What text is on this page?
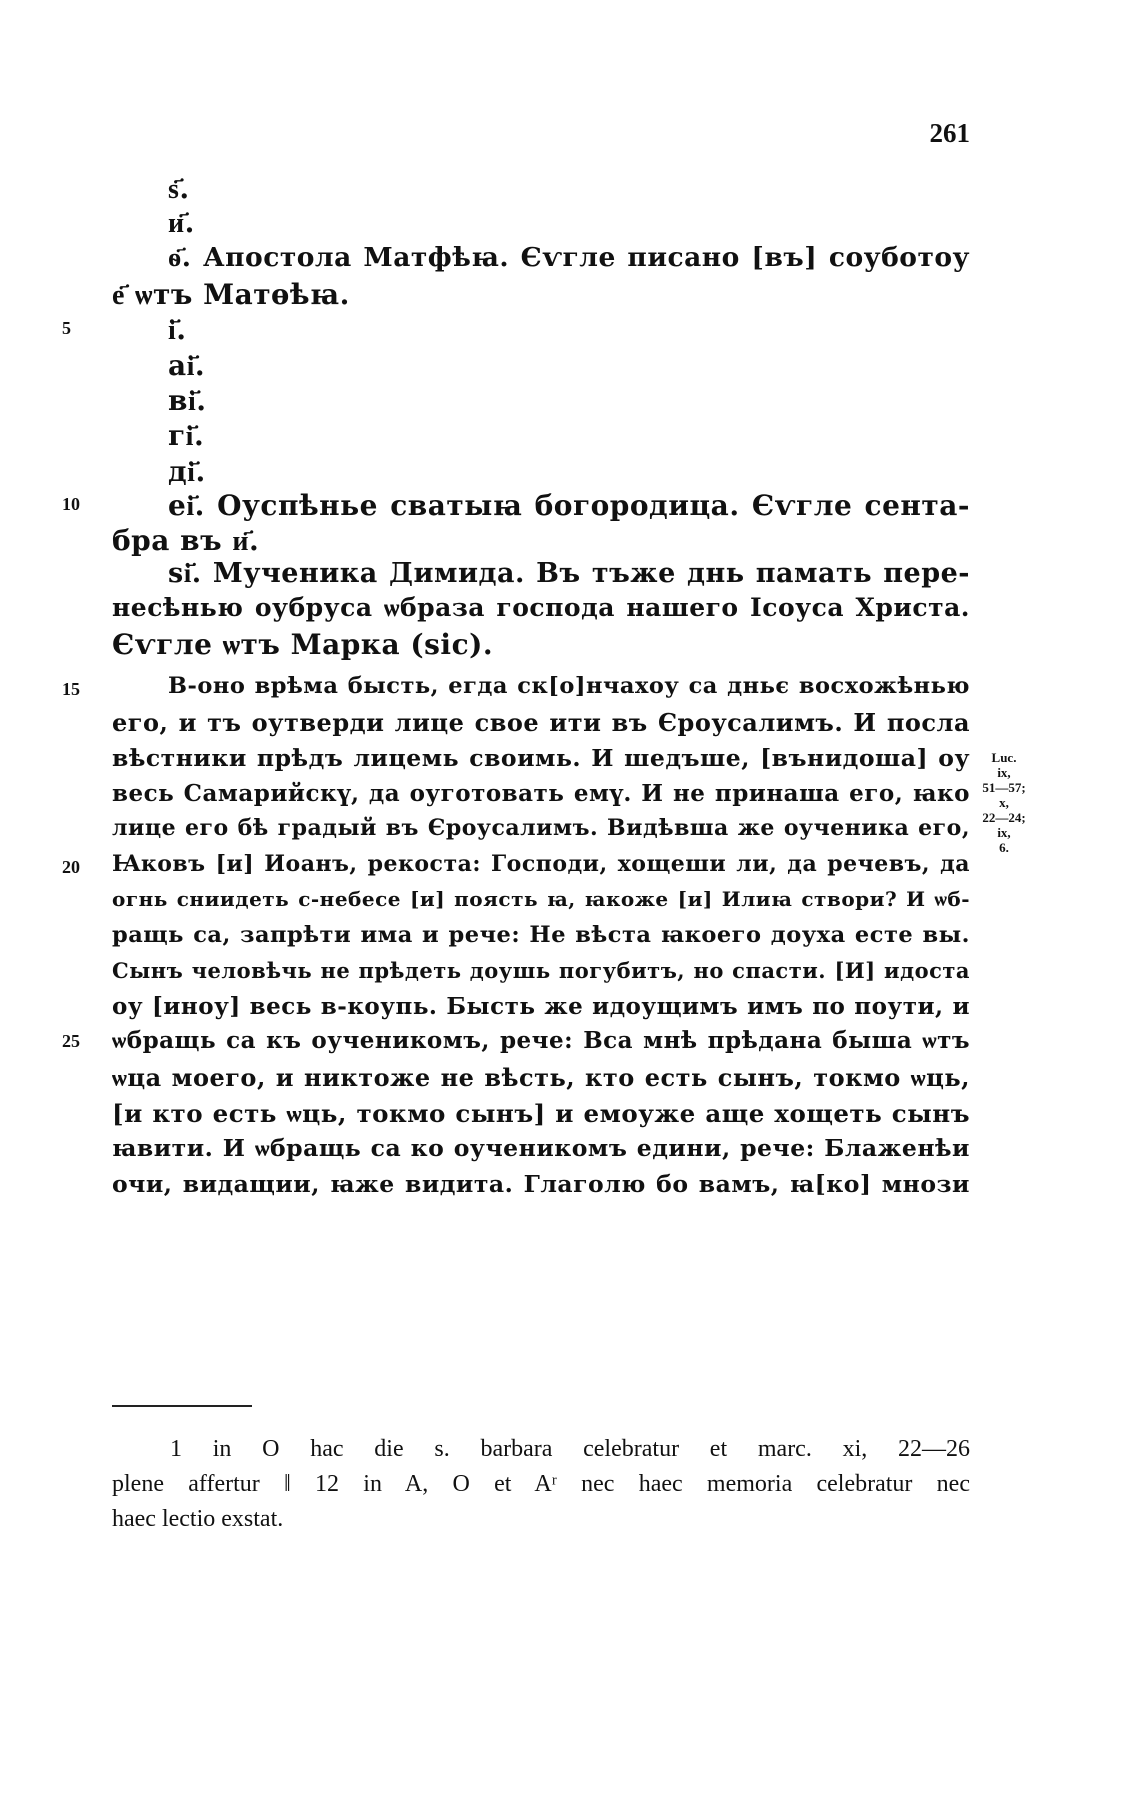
261
5
10
15
20
25
ѕ҃.
и҃.
ѳ҃. Апостола Матфѣꙗ. Єѵгле писано [въ] соуботоу
е҃ ѡтъ Матѳѣꙗ.
і҃.
аі҃.
ві҃.
гі҃.
ді҃.
еі҃. Оуспѣнье сватыꙗ богородица. Єѵгле сента-
бра въ и҃.
ѕі҃. Мученика Димида. Въ тъже днь памать пере-
несѣнью оубруса ѡбраза господа нашего Ісоуса Христа.
Єѵгле ѡтъ Марка (sic).
В-оно врѣма бысть, егда ск[о]нчахоу са дньє восхожѣнью
его, и тъ оутверди лице свое ити въ Єроусалимъ. И посла
вѣстники прѣдъ лицемь своимь. И шедъше, [вънидоша] оу
весь Самарийскү, да оуготовать емү. И не принаша его, ꙗко
лице его бѣ градый въ Єроусалимъ. Видѣвша же оученика его,
Ꙗковъ [и] Иоанъ, рекоста: Господи, хощеши ли, да речевъ, да
огнь сниидеть с-небесе [и] поясть ꙗ, ꙗкоже [и] Илиꙗ створи? И ѡб-
ращь са, запрѣти има и рече: Не вѣста ꙗкоего доуха есте вы.
Сынъ человѣчь не прѣдеть доушь погубитъ, но спасти. [И] идоста
оу [иноу] весь в-коупь. Бысть же идоущимъ имъ по поути, и
ѡбращь са къ оученикомъ, рече: Вса мнѣ прѣдана быша ѡтъ
ѡца моего, и никтоже не вѣсть, кто есть сынъ, токмо ѡць,
[и кто есть ѡць, токмо сынъ] и емоуже аще хощеть сынъ
ꙗвити. И ѡбращь са ко оученикомъ едини, рече: Блаженѣи
очи, видащии, ꙗже видита. Глаголю бо вамъ, ꙗ[ко] мнози
Luc.
ix,
51—57;
x,
22—24;
ix,
6.
1 in O hac die s. barbara celebratur et marc. xi, 22—26
plene affertur ‖ 12 in A, O et Aʳ nec haec memoria celebratur nec
haec lectio exstat.
